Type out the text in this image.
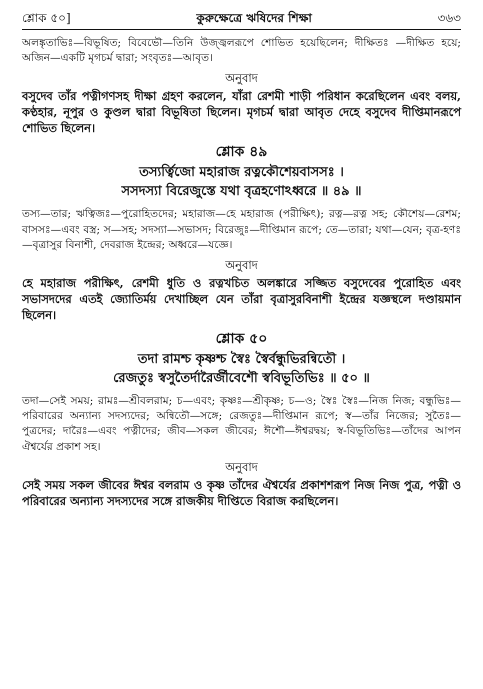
শ্লোক ৫০]	কুরুক্ষেত্রে ঋষিদের শিক্ষা	৩৬৩

অলঙ্কৃতাভিঃ—বিভূষিত; বিবেভৌ—তিনি উজ্জ্বলরূপে শোভিত হয়েছিলেন; দীক্ষিতঃ —দীক্ষিত হয়ে; অজিন—একটি মৃগচর্ম দ্বারা; সংবৃতঃ—আবৃত।

অনুবাদ

বসুদেব তাঁর পত্নীগণসহ দীক্ষা গ্রহণ করলেন, যাঁরা রেশমী শাড়ী পরিধান করেছিলেন এবং বলয়, কণ্ঠহার, নূপুর ও কুণ্ডল দ্বারা বিভূষিতা ছিলেন। মৃগচর্ম দ্বারা আবৃত দেহে বসুদেব দীপ্তিমানরূপে শোভিত ছিলেন।

শ্লোক ৪৯
তস্যর্ত্বিজো মহারাজ রত্নকৌশেয়বাসসঃ ।
সসদস্যা বিরেজুস্তে যথা বৃত্রহণোঽধ্বরে ॥ ৪৯ ॥

তস্য—তার; ঋত্বিজঃ—পুরোহিতদের; মহারাজ—হে মহারাজ (পরীক্ষিৎ); রত্ন—রত্ন সহ; কৌশেয়—রেশম; বাসসঃ—এবং বস্ত্র; স—সহ; সদস্যা—সভাসদ; বিরেজুঃ—দীপ্তিমান রূপে; তে—তারা; যথা—যেন; বৃত্র-হণঃ—বৃত্রাসুর বিনাশী, দেবরাজ ইন্দ্রের; অধ্বরে—যজ্ঞে।

অনুবাদ

হে মহারাজ পরীক্ষিৎ, রেশমী ধুতি ও রত্নখচিত অলঙ্কারে সজ্জিত বসুদেবের পুরোহিত এবং সভাসদদের এতই জ্যোতির্ময় দেখাচ্ছিল যেন তাঁরা বৃত্রাসুরবিনাশী ইন্দ্রের যজ্ঞস্থলে দণ্ডায়মান ছিলেন।

শ্লোক ৫০
তদা রামশ্চ কৃষ্ণশ্চ স্বৈঃ স্বৈর্বন্ধুভিরন্বিতৌ ।
রেজতুঃ স্বসুতৈর্দারৈর্জীবেশৌ স্ববিভূতিভিঃ ॥ ৫০ ॥

তদা—সেই সময়; রামঃ—শ্রীবলরাম; চ—এবং; কৃষ্ণঃ—শ্রীকৃষ্ণ; চ—ও; স্বৈঃ স্বৈঃ—নিজ নিজ; বন্ধুভিঃ—পরিবারের অন্যান্য সদস্যদের; অন্বিতৌ—সঙ্গে; রেজতুঃ—দীপ্তিমান রূপে; স্ব—তাঁর নিজের; সুতৈঃ—পুত্রদের; দারৈঃ—এবং পত্নীদের; জীব—সকল জীবের; ঈশৌ—ঈশ্বরদ্বয়; স্ব-বিভূতিভিঃ—তাঁদের আপন ঐশ্বর্যের প্রকাশ সহ।

অনুবাদ

সেই সময় সকল জীবের ঈশ্বর বলরাম ও কৃষ্ণ তাঁদের ঐশ্বর্যের প্রকাশশরূপ নিজ নিজ পুত্র, পত্নী ও পরিবারের অন্যান্য সদস্যদের সঙ্গে রাজকীয় দীপ্তিতে বিরাজ করছিলেন।
